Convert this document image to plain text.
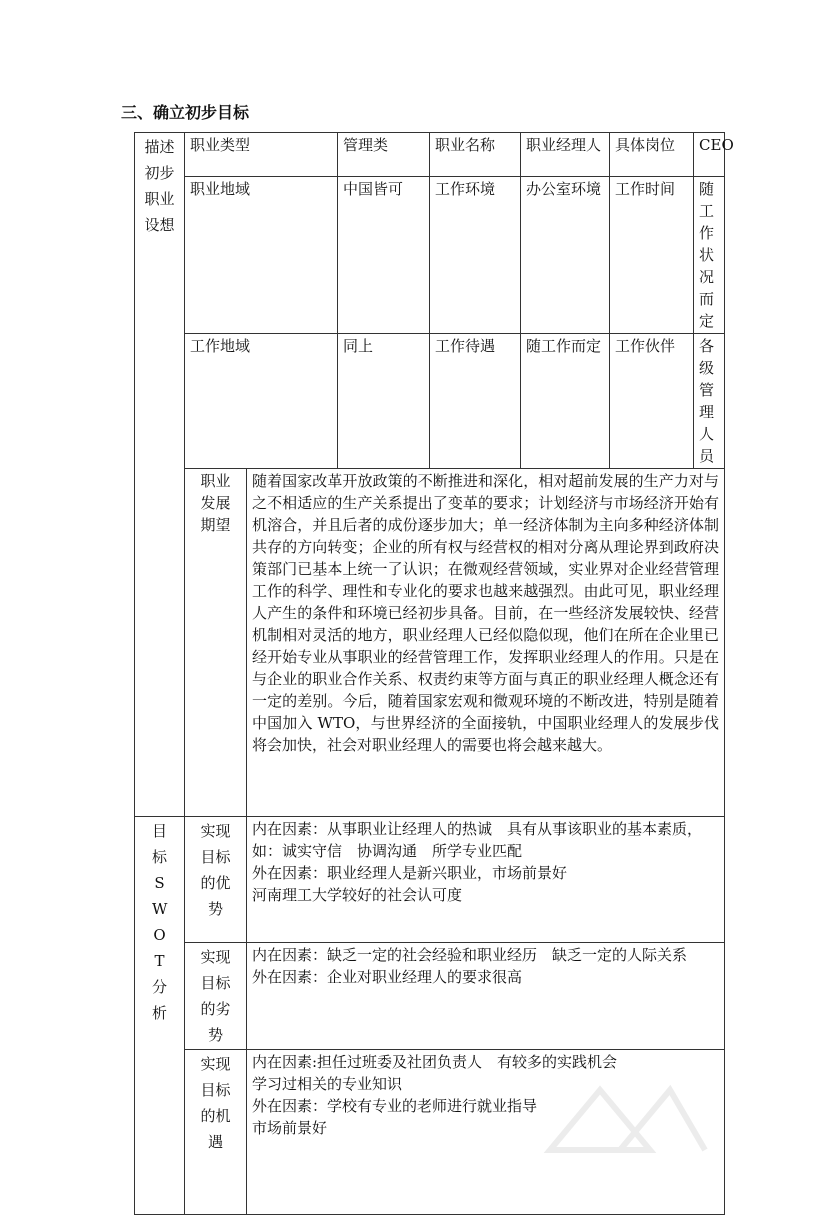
三、确立初步目标
描述初步职业设想	职业类型		管理类	职业名称	职业经理人	具体岗位	CEO
	职业地域		中国皆可	工作环境	办公室环境	工作时间	随工作状况而定
	工作地域		同上	工作待遇	随工作而定	工作伙伴	各级管理人员
	职业发展期望	随着国家改革开放政策的不断推进和深化，相对超前发展的生产力对与之不相适应的生产关系提出了变革的要求；计划经济与市场经济开始有机溶合，并且后者的成份逐步加大；单一经济体制为主向多种经济体制共存的方向转变；企业的所有权与经营权的相对分离从理论界到政府决策部门已基本上统一了认识；在微观经营领域，实业界对企业经营管理工作的科学、理性和专业化的要求也越来越强烈。由此可见，职业经理人产生的条件和环境已经初步具备。目前，在一些经济发展较快、经营机制相对灵活的地方，职业经理人已经似隐似现，他们在所在企业里已经开始专业从事职业的经营管理工作，发挥职业经理人的作用。只是在与企业的职业合作关系、权责约束等方面与真正的职业经理人概念还有一定的差别。今后，随着国家宏观和微观环境的不断改进，特别是随着中国加入 WTO，与世界经济的全面接轨，中国职业经理人的发展步伐将会加快，社会对职业经理人的需要也将会越来越大。					
目标SWOT分析	实现目标的优势	内在因素：从事职业让经理人的热诚　具有从事该职业的基本素质，如：诚实守信　协调沟通　所学专业匹配
外在因素：职业经理人是新兴职业，市场前景好
河南理工大学较好的社会认可度					
	实现目标的劣势	内在因素：缺乏一定的社会经验和职业经历　缺乏一定的人际关系
外在因素：企业对职业经理人的要求很高					
	实现目标的机遇	内在因素:担任过班委及社团负责人　有较多的实践机会
学习过相关的专业知识
外在因素：学校有专业的老师进行就业指导
市场前景好					
